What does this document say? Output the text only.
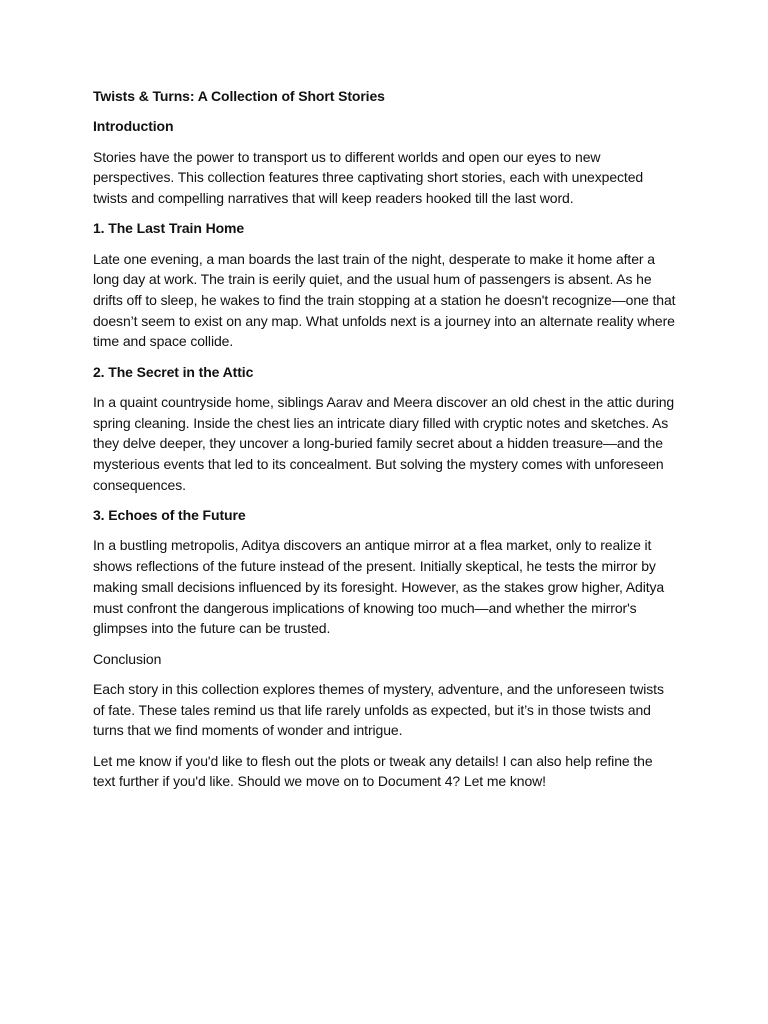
Twists & Turns: A Collection of Short Stories

Introduction

Stories have the power to transport us to different worlds and open our eyes to new perspectives. This collection features three captivating short stories, each with unexpected twists and compelling narratives that will keep readers hooked till the last word.

1. The Last Train Home

Late one evening, a man boards the last train of the night, desperate to make it home after a long day at work. The train is eerily quiet, and the usual hum of passengers is absent. As he drifts off to sleep, he wakes to find the train stopping at a station he doesn't recognize—one that doesn’t seem to exist on any map. What unfolds next is a journey into an alternate reality where time and space collide.

2. The Secret in the Attic

In a quaint countryside home, siblings Aarav and Meera discover an old chest in the attic during spring cleaning. Inside the chest lies an intricate diary filled with cryptic notes and sketches. As they delve deeper, they uncover a long-buried family secret about a hidden treasure—and the mysterious events that led to its concealment. But solving the mystery comes with unforeseen consequences.

3. Echoes of the Future

In a bustling metropolis, Aditya discovers an antique mirror at a flea market, only to realize it shows reflections of the future instead of the present. Initially skeptical, he tests the mirror by making small decisions influenced by its foresight. However, as the stakes grow higher, Aditya must confront the dangerous implications of knowing too much—and whether the mirror's glimpses into the future can be trusted.

Conclusion

Each story in this collection explores themes of mystery, adventure, and the unforeseen twists of fate. These tales remind us that life rarely unfolds as expected, but it’s in those twists and turns that we find moments of wonder and intrigue.

Let me know if you'd like to flesh out the plots or tweak any details! I can also help refine the text further if you'd like. Should we move on to Document 4? Let me know!
